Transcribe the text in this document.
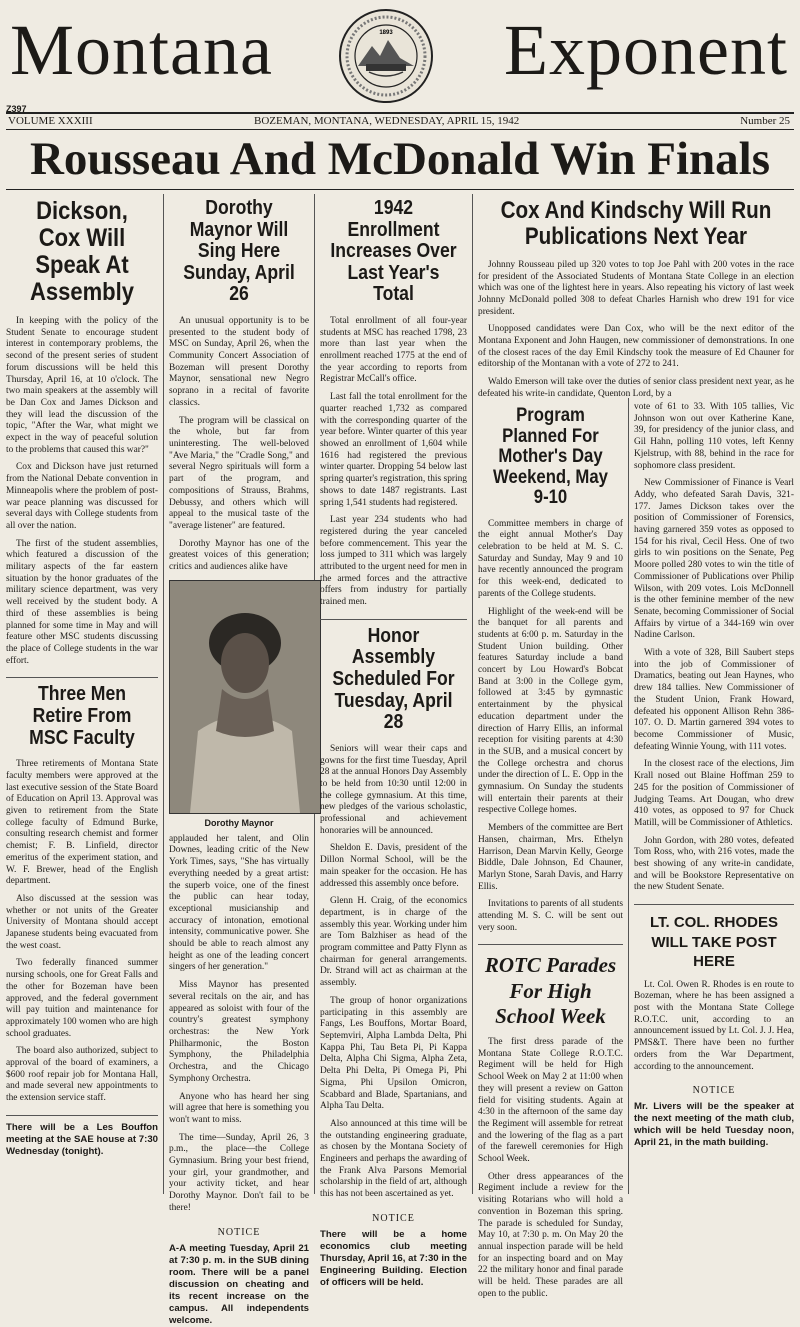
Montana	1893 Exponent
Z397
VOLUME XXXIII	BOZEMAN, MONTANA, WEDNESDAY, APRIL 15, 1942	Number 25
Rousseau And McDonald Win Finals
Dickson, Cox Will Speak At Assembly

In keeping with the policy of the Student Senate to encourage student interest in contemporary problems, the second of the present series of student forum discussions will be held this Thursday, April 16, at 10 o'clock. The two main speakers at the assembly will be Dan Cox and James Dickson and they will lead the discussion of the topic, "After the War, what might we expect in the way of peaceful solution to the problems that caused this war?"

Cox and Dickson have just returned from the National Debate convention in Minneapolis where the problem of post-war peace planning was discussed for several days with College students from all over the nation.

The first of the student assemblies, which featured a discussion of the military aspects of the far eastern situation by the honor graduates of the military science department, was very well received by the student body. A third of these assemblies is being planned for some time in May and will feature other MSC students discussing the place of College students in the war effort.

Three Men Retire From MSC Faculty

Three retirements of Montana State faculty members were approved at the last executive session of the State Board of Education on April 13. Approval was given to retirement from the State college faculty of Edmund Burke, consulting research chemist and former chemist; F. B. Linfield, director emeritus of the experiment station, and W. F. Brewer, head of the English department.

Also discussed at the session was whether or not units of the Greater University of Montana should accept Japanese students being evacuated from the west coast.

Two federally financed summer nursing schools, one for Great Falls and the other for Bozeman have been approved, and the federal government will pay tuition and maintenance for approximately 100 women who are high school graduates.

The board also authorized, subject to approval of the board of examiners, a $600 roof repair job for Montana Hall, and made several new appointments to the extension service staff.

There will be a Les Bouffon meeting at the SAE house at 7:30 Wednesday (tonight).

Dorothy Maynor Will Sing Here Sunday, April 26

An unusual opportunity is to be presented to the student body of MSC on Sunday, April 26, when the Community Concert Association of Bozeman will present Dorothy Maynor, sensational new Negro soprano in a recital of favorite classics.

The program will be classical on the whole, but far from uninteresting. The well-beloved "Ave Maria," the "Cradle Song," and several Negro spirituals will form a part of the program, and compositions of Strauss, Brahms, Debussy, and others which will appeal to the musical taste of the "average listener" are featured.

Dorothy Maynor has one of the greatest voices of this generation; critics and audiences alike have

Dorothy Maynor

applauded her talent, and Olin Downes, leading critic of the New York Times, says, "She has virtually everything needed by a great artist: the superb voice, one of the finest the public can hear today, exceptional musicianship and accuracy of intonation, emotional intensity, communicative power. She should be able to reach almost any height as one of the leading concert singers of her generation."

Miss Maynor has presented several recitals on the air, and has appeared as soloist with four of the country's greatest symphony orchestras: the New York Philharmonic, the Boston Symphony, the Philadelphia Orchestra, and the Chicago Symphony Orchestra.

Anyone who has heard her sing will agree that here is something you won't want to miss.

The time—Sunday, April 26, 3 p.m., the place—the College Gymnasium. Bring your best friend, your girl, your grandmother, and your activity ticket, and hear Dorothy Maynor. Don't fail to be there!

NOTICE

A-A meeting Tuesday, April 21 at 7:30 p. m. in the SUB dining room. There will be a panel discussion on cheating and its recent increase on the campus. All independents welcome.

1942 Enrollment Increases Over Last Year's Total

Total enrollment of all four-year students at MSC has reached 1798, 23 more than last year when the enrollment reached 1775 at the end of the year according to reports from Registrar McCall's office.

Last fall the total enrollment for the quarter reached 1,732 as compared with the corresponding quarter of the year before. Winter quarter of this year showed an enrollment of 1,604 while 1616 had registered the previous winter quarter. Dropping 54 below last spring quarter's registration, this spring shows to date 1487 registrants. Last spring 1,541 students had registered.

Last year 234 students who had registered during the year canceled before commencement. This year the loss jumped to 311 which was largely attributed to the urgent need for men in the armed forces and the attractive offers from industry for partially trained men.

Honor Assembly Scheduled For Tuesday, April 28

Seniors will wear their caps and gowns for the first time Tuesday, April 28 at the annual Honors Day Assembly to be held from 10:30 until 12:00 in the college gymnasium. At this time, new pledges of the various scholastic, professional and achievement honoraries will be announced.

Sheldon E. Davis, president of the Dillon Normal School, will be the main speaker for the occasion. He has addressed this assembly once before.

Glenn H. Craig, of the economics department, is in charge of the assembly this year. Working under him are Tom Balzhiser as head of the program committee and Patty Flynn as chairman for general arrangements. Dr. Strand will act as chairman at the assembly.

The group of honor organizations participating in this assembly are Fangs, Les Bouffons, Mortar Board, Septemviri, Alpha Lambda Delta, Phi Kappa Phi, Tau Beta Pi, Pi Kappa Delta, Alpha Chi Sigma, Alpha Zeta, Delta Phi Delta, Pi Omega Pi, Phi Sigma, Phi Upsilon Omicron, Scabbard and Blade, Spartanians, and Alpha Tau Delta.

Also announced at this time will be the outstanding engineering graduate, as chosen by the Montana Society of Engineers and perhaps the awarding of the Frank Alva Parsons Memorial scholarship in the field of art, although this has not been ascertained as yet.

NOTICE

There will be a home economics club meeting Thursday, April 16, at 7:30 in the Engineering Building. Election of officers will be held.

Cox And Kindschy Will Run Publications Next Year

Johnny Rousseau piled up 320 votes to top Joe Pahl with 200 votes in the race for president of the Associated Students of Montana State College in an election which was one of the lightest here in years. Also repeating his victory of last week Johnny McDonald polled 308 to defeat Charles Harnish who drew 191 for vice president.

Unopposed candidates were Dan Cox, who will be the next editor of the Montana Exponent and John Haugen, new commissioner of demonstrations. In one of the closest races of the day Emil Kindschy took the measure of Ed Chauner for editorship of the Montanan with a vote of 272 to 241.

Waldo Emerson will take over the duties of senior class president next year, as he defeated his write-in candidate, Quenton Lord, by a

Program Planned For Mother's Day Weekend, May 9-10

Committee members in charge of the eight annual Mother's Day celebration to be held at M. S. C. Saturday and Sunday, May 9 and 10 have recently announced the program for this week-end, dedicated to parents of the College students.

Highlight of the week-end will be the banquet for all parents and students at 6:00 p. m. Saturday in the Student Union building. Other features Saturday include a band concert by Lou Howard's Bobcat Band at 3:00 in the College gym, followed at 3:45 by gymnastic entertainment by the physical education department under the direction of Harry Ellis, an informal reception for visiting parents at 4:30 in the SUB, and a musical concert by the College orchestra and chorus under the direction of L. E. Opp in the gymnasium. On Sunday the students will entertain their parents at their respective College homes.

Members of the committee are Bert Hansen, chairman, Mrs. Ethelyn Harrison, Dean Marvin Kelly, George Biddle, Dale Johnson, Ed Chauner, Marlyn Stone, Sarah Davis, and Harry Ellis.

Invitations to parents of all students attending M. S. C. will be sent out very soon.

ROTC Parades For High School Week

The first dress parade of the Montana State College R.O.T.C. Regiment will be held for High School Week on May 2 at 11:00 when they will present a review on Gatton field for visiting students. Again at 4:30 in the afternoon of the same day the Regiment will assemble for retreat and the lowering of the flag as a part of the farewell ceremonies for High School Week.

Other dress appearances of the Regiment include a review for the visiting Rotarians who will hold a convention in Bozeman this spring. The parade is scheduled for Sunday, May 10, at 7:30 p. m. On May 20 the annual inspection parade will be held for an inspecting board and on May 22 the military honor and final parade will be held. These parades are all open to the public.

vote of 61 to 33. With 105 tallies, Vic Johnson won out over Katherine Kane, 39, for presidency of the junior class, and Gil Hahn, polling 110 votes, left Kenny Kjelstrup, with 88, behind in the race for sophomore class president.

New Commissioner of Finance is Vearl Addy, who defeated Sarah Davis, 321-177. James Dickson takes over the position of Commissioner of Forensics, having garnered 359 votes as opposed to 154 for his rival, Cecil Hess. One of two girls to win positions on the Senate, Peg Moore polled 280 votes to win the title of Commissioner of Publications over Philip Wilson, with 209 votes. Lois McDonnell is the other feminine member of the new Senate, becoming Commissioner of Social Affairs by virtue of a 344-169 win over Nadine Carlson.

With a vote of 328, Bill Saubert steps into the job of Commissioner of Dramatics, beating out Jean Haynes, who drew 184 tallies. New Commissioner of the Student Union, Frank Howard, defeated his opponent Allison Rehn 386-107. O. D. Martin garnered 394 votes to become Commissioner of Music, defeating Winnie Young, with 111 votes.

In the closest race of the elections, Jim Krall nosed out Blaine Hoffman 259 to 245 for the position of Commissioner of Judging Teams. Art Dougan, who drew 410 votes, as opposed to 97 for Chuck Matill, will be Commissioner of Athletics.

John Gordon, with 280 votes, defeated Tom Ross, who, with 216 votes, made the best showing of any write-in candidate, and will be Bookstore Representative on the new Student Senate.

LT. COL. RHODES WILL TAKE POST HERE

Lt. Col. Owen R. Rhodes is en route to Bozeman, where he has been assigned a post with the Montana State College R.O.T.C. unit, according to an announcement issued by Lt. Col. J. J. Hea, PMS&T. There have been no further orders from the War Department, according to the announcement.

NOTICE

Mr. Livers will be the speaker at the next meeting of the math club, which will be held Tuesday noon, April 21, in the math building.
